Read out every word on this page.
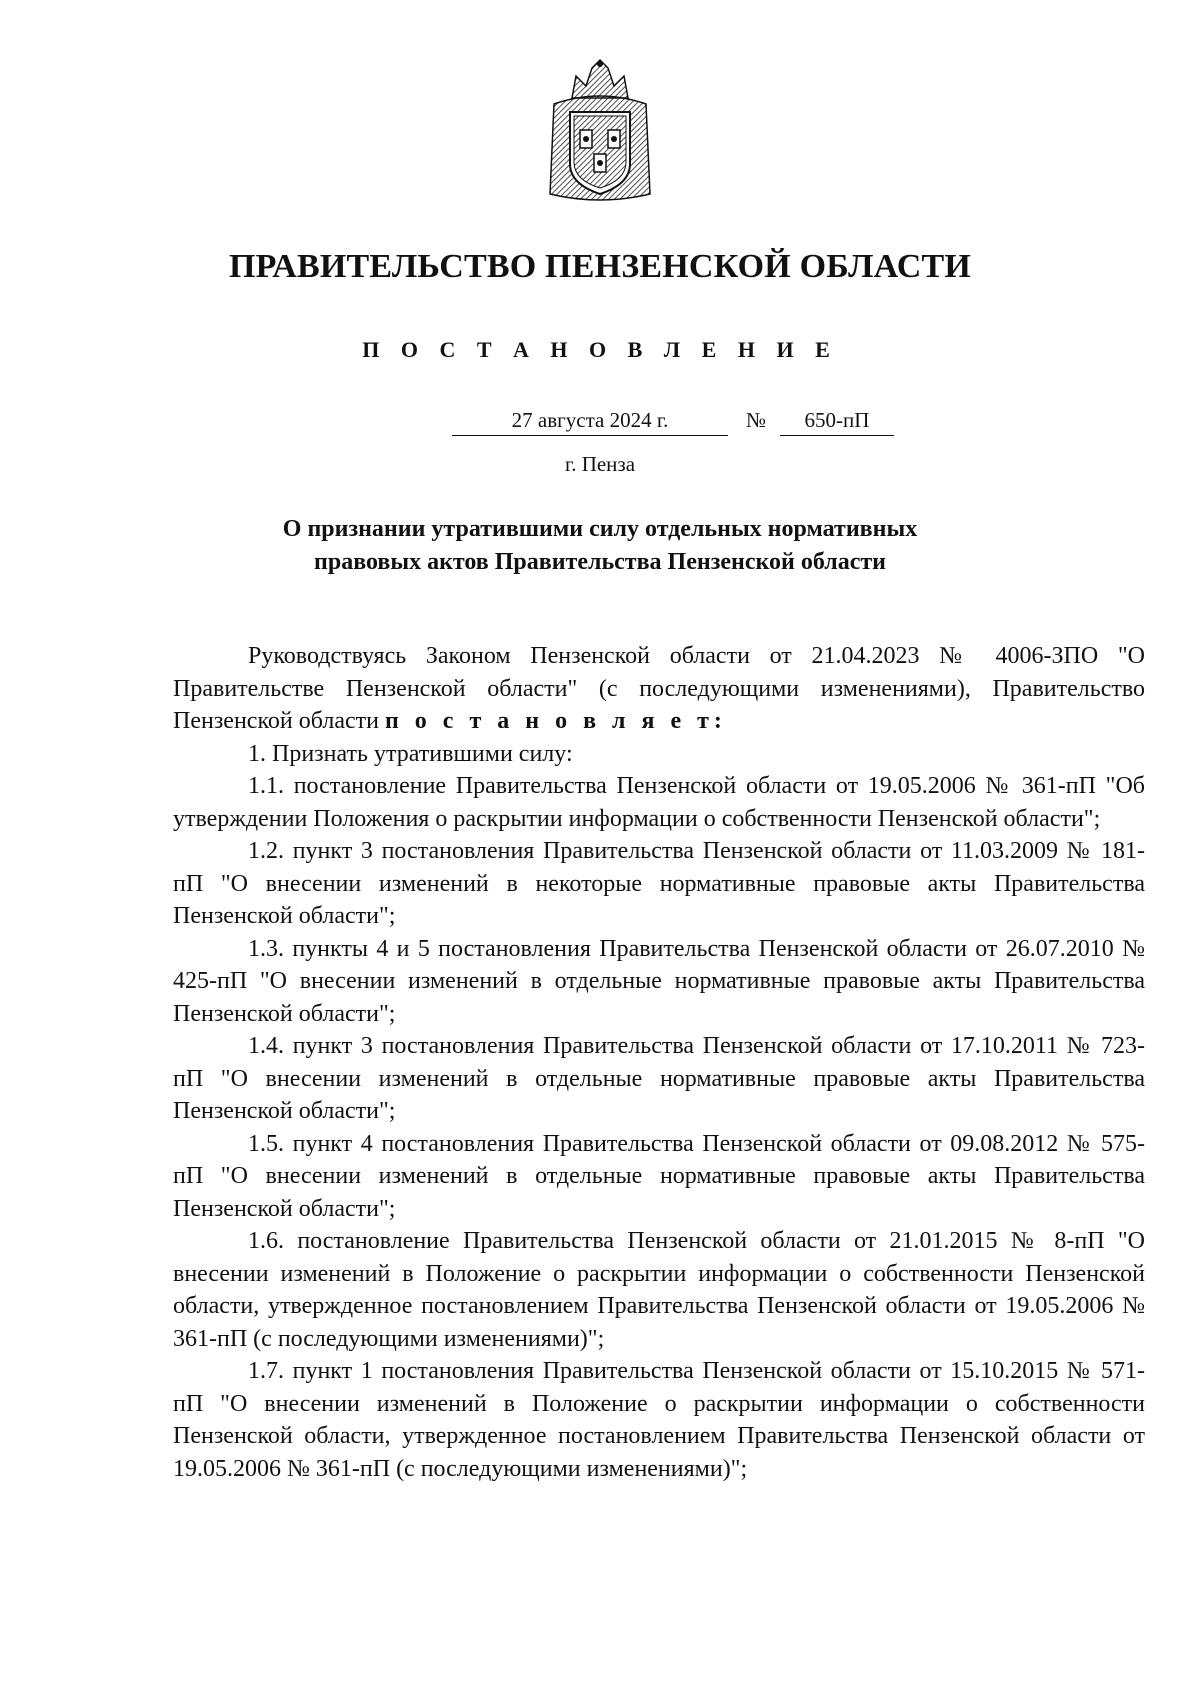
ПРАВИТЕЛЬСТВО ПЕНЗЕНСКОЙ ОБЛАСТИ
П О С Т А Н О В Л Е Н И Е
27 августа 2024 г.	№	650-пП
г. Пенза
О признании утратившими силу отдельных нормативных
правовых актов Правительства Пензенской области

Руководствуясь Законом Пензенской области от 21.04.2023 № 4006-ЗПО "О Правительстве Пензенской области" (с последующими изменениями), Правительство Пензенской области п о с т а н о в л я е т:

1. Признать утратившими силу:

1.1. постановление Правительства Пензенской области от 19.05.2006 № 361-пП "Об утверждении Положения о раскрытии информации о собственности Пензенской области";

1.2. пункт 3 постановления Правительства Пензенской области от 11.03.2009 № 181-пП "О внесении изменений в некоторые нормативные правовые акты Правительства Пензенской области";

1.3. пункты 4 и 5 постановления Правительства Пензенской области от 26.07.2010 № 425-пП "О внесении изменений в отдельные нормативные правовые акты Правительства Пензенской области";

1.4. пункт 3 постановления Правительства Пензенской области от 17.10.2011 № 723-пП "О внесении изменений в отдельные нормативные правовые акты Правительства Пензенской области";

1.5. пункт 4 постановления Правительства Пензенской области от 09.08.2012 № 575-пП "О внесении изменений в отдельные нормативные правовые акты Правительства Пензенской области";

1.6. постановление Правительства Пензенской области от 21.01.2015 № 8-пП "О внесении изменений в Положение о раскрытии информации о собственности Пензенской области, утвержденное постановлением Правительства Пензенской области от 19.05.2006 № 361-пП (с последующими изменениями)";

1.7. пункт 1 постановления Правительства Пензенской области от 15.10.2015 № 571-пП "О внесении изменений в Положение о раскрытии информации о собственности Пензенской области, утвержденное постановлением Правительства Пензенской области от 19.05.2006 № 361-пП (с последующими изменениями)";
